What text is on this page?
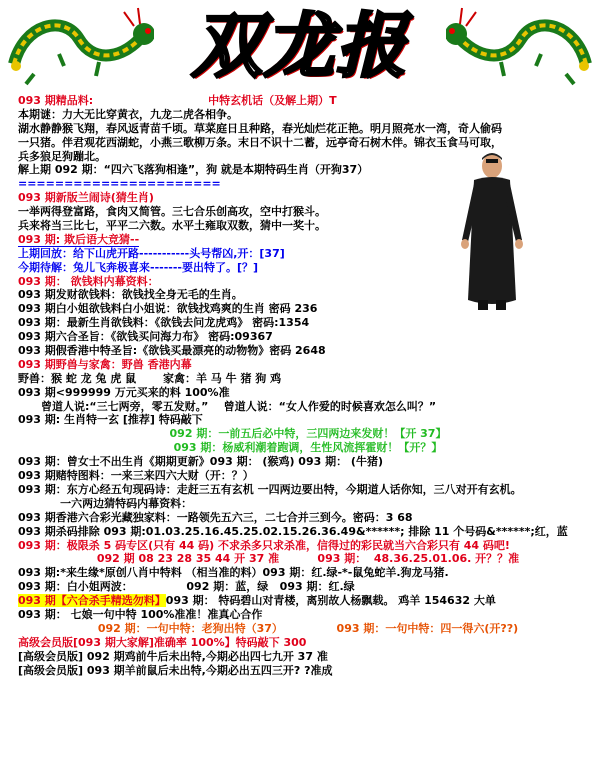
双龙报
093 期精品料:	中特玄机话（及解上期）T
本期谜：力大无比穿黄衣，九龙二虎各相争。
湖水静静猴飞翔，春风返青苗千顷。草菜庭日且种路，春光灿烂花正艳。明月照亮水一湾，奇人偷码
一只猪。伴君观花西湖蛇，小燕三歌柳万条。末日不识十二蓄，远亭奇石树木伴。锦衣玉食马可取，
兵多狼足狗蹦北。
解上期 092 期：“四六飞落狗相逢”，狗 就是本期特码生肖（开狗37）
======================
093 期新版兰闹诗(猜生肖)
一举两得登富路，食肉又简管。三七合乐创高攻，空中打猴斗。
兵来将当三比七，平平二六数。水平土雍取双数，猜中一奖十。
093 期: 欺后语大竞猜--
上期回放：给下山虎开路-----------头号帮凶,开：[37]
今期待解：兔儿飞奔极喜来-------要出特了。[？]
093 期： 欲钱料内幕资料：
093 期发财欲钱料：欲钱找全身无毛的生肖。
093 期白小姐欲钱料白小姐说：欲钱找鸡爽的生肖 密码 236
093 期：最新生肖欲钱料：《欲钱去问龙虎鸡》 密码:1354
093 期六合圣旨：《欲钱买问海力布》 密码:09367
093 期假香港中特圣旨:《欲钱买最漂亮的动物物》密码 2648
093 期野兽与家禽：野兽 香港内幕
野兽：猴 蛇 龙 兔 虎 鼠       家禽：羊 马 牛 猪 狗 鸡
093 期<999999 万元买来的料 100%准
曾道人说:“三七两旁，零五发财。”    曾道人说：“女人作爱的时候喜欢怎么叫？”
093 期: 生肖特一玄 [推荐] 特码敲下
092 期：一前五后必中特，三四两边来发财！【开 37】
093 期：杨威利潮着跑调，生性风流挥霍财！【开？】
093 期：曾女士不出生肖《期期更新》093 期： (猴鸡) 093 期： (牛猪)
093 期赌特图料：一来三来四六大财（开：？）
093 期：东方心经五句现码诗：走赶三五有玄机 一四两边要出特，今期道人话你知，三八对开有玄机。
一六两边猜特码内幕资料：
093 期香港六合彩光藏独家料：一路领先五六三，二七合并三到今。密码：3 68
093 期杀码排除 093 期:01.03.25.16.45.25.02.15.26.36.49&******; 排除 11 个号码&******;红，蓝
093 期：极限杀 5 码专区(只有 44 码) 不求杀多只求杀准，信得过的彩民就当六合彩只有 44 码吧!
092 期 08 23 28 35 44 开 37 准          093 期：  48.36.25.01.06. 开？？准
093 期:*来生缘*原创八肖中特料 （相当准的料）093 期：红.绿-*-鼠兔蛇羊.狗龙马猪.
093 期：白小姐两波：              092 期：蓝，绿   093 期：红.绿
093 期【六合杀手精选勿料】093 期： 特码碧山对青楼，离别故人杨飘载。 鸡羊 154632 大单
093 期： 七娘一句中特 100%准准！准真心合作
092 期：一句中特：老狗出特（37）              093 期：一句中特：四一得六(开??)
高级会员版[093 期大家解]准确率 100%】特码敲下 300
[高级会员版] 092 期鸡前牛后未出特,今期必出四七九开 37 准
[高级会员版] 093 期羊前鼠后未出特,今期必出五四三开? ?准成
